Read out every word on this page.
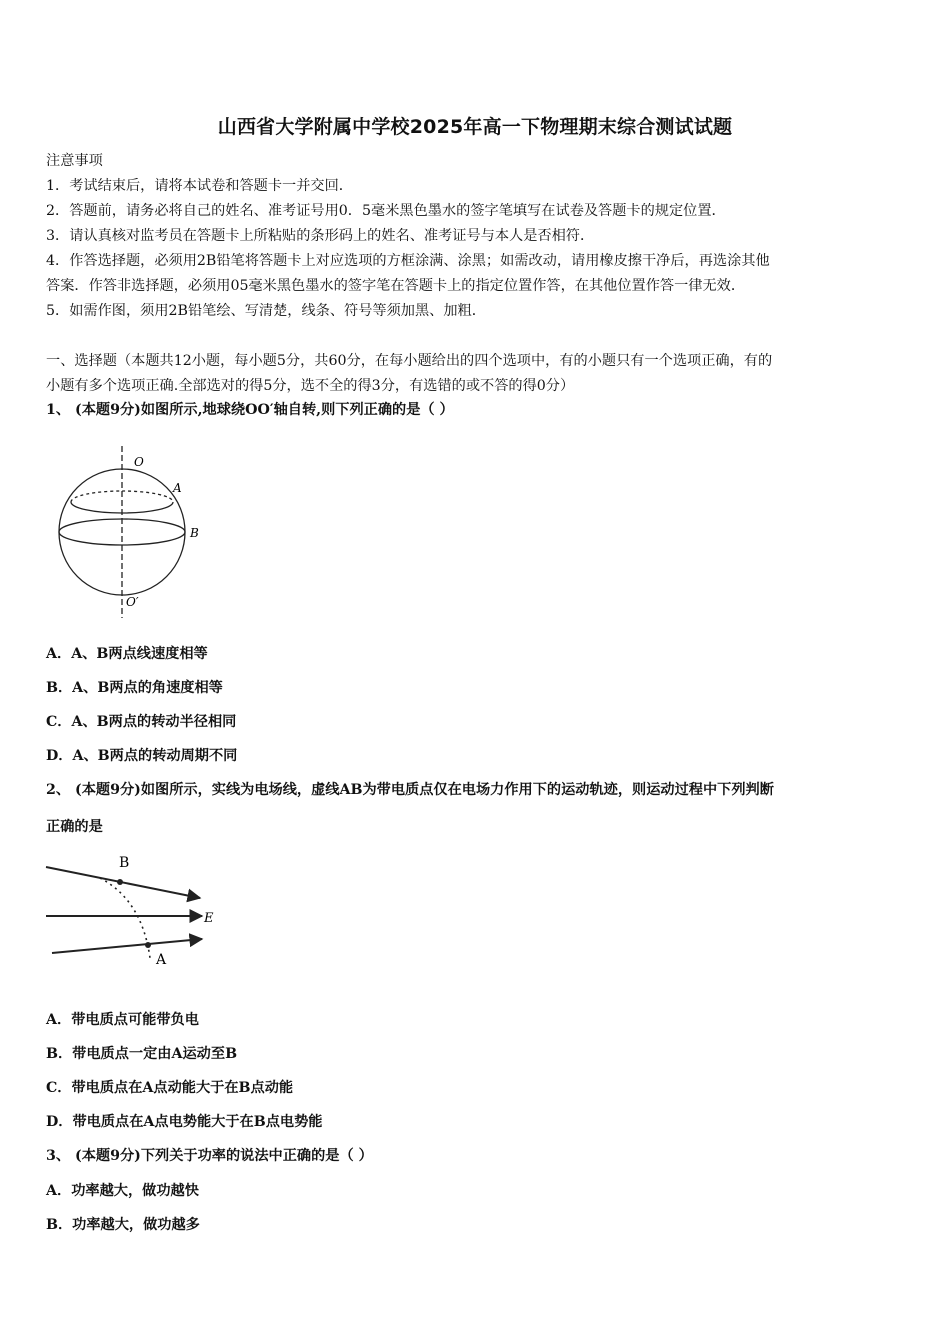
山西省大学附属中学校2025年高一下物理期末综合测试试题
注意事项
1．考试结束后，请将本试卷和答题卡一并交回．
2．答题前，请务必将自己的姓名、准考证号用0．5毫米黑色墨水的签字笔填写在试卷及答题卡的规定位置．
3．请认真核对监考员在答题卡上所粘贴的条形码上的姓名、准考证号与本人是否相符．
4．作答选择题，必须用2B铅笔将答题卡上对应选项的方框涂满、涂黑；如需改动，请用橡皮擦干净后，再选涂其他
答案．作答非选择题，必须用05毫米黑色墨水的签字笔在答题卡上的指定位置作答，在其他位置作答一律无效．
5．如需作图，须用2B铅笔绘、写清楚，线条、符号等须加黑、加粗．
一、选择题（本题共12小题，每小题5分，共60分，在每小题给出的四个选项中，有的小题只有一个选项正确，有的
小题有多个选项正确.全部选对的得5分，选不全的得3分，有选错的或不答的得0分）
1、 (本题9分)如图所示,地球绕OO′轴自转,则下列正确的是（ ）
O
A
B
O′
A．A、B两点线速度相等
B．A、B两点的角速度相等
C．A、B两点的转动半径相同
D．A、B两点的转动周期不同
2、 (本题9分)如图所示，实线为电场线，虚线AB为带电质点仅在电场力作用下的运动轨迹，则运动过程中下列判断
正确的是
B
A
E
A．带电质点可能带负电
B．带电质点一定由A运动至B
C．带电质点在A点动能大于在B点动能
D．带电质点在A点电势能大于在B点电势能
3、 (本题9分)下列关于功率的说法中正确的是（ ）
A．功率越大，做功越快
B．功率越大，做功越多
